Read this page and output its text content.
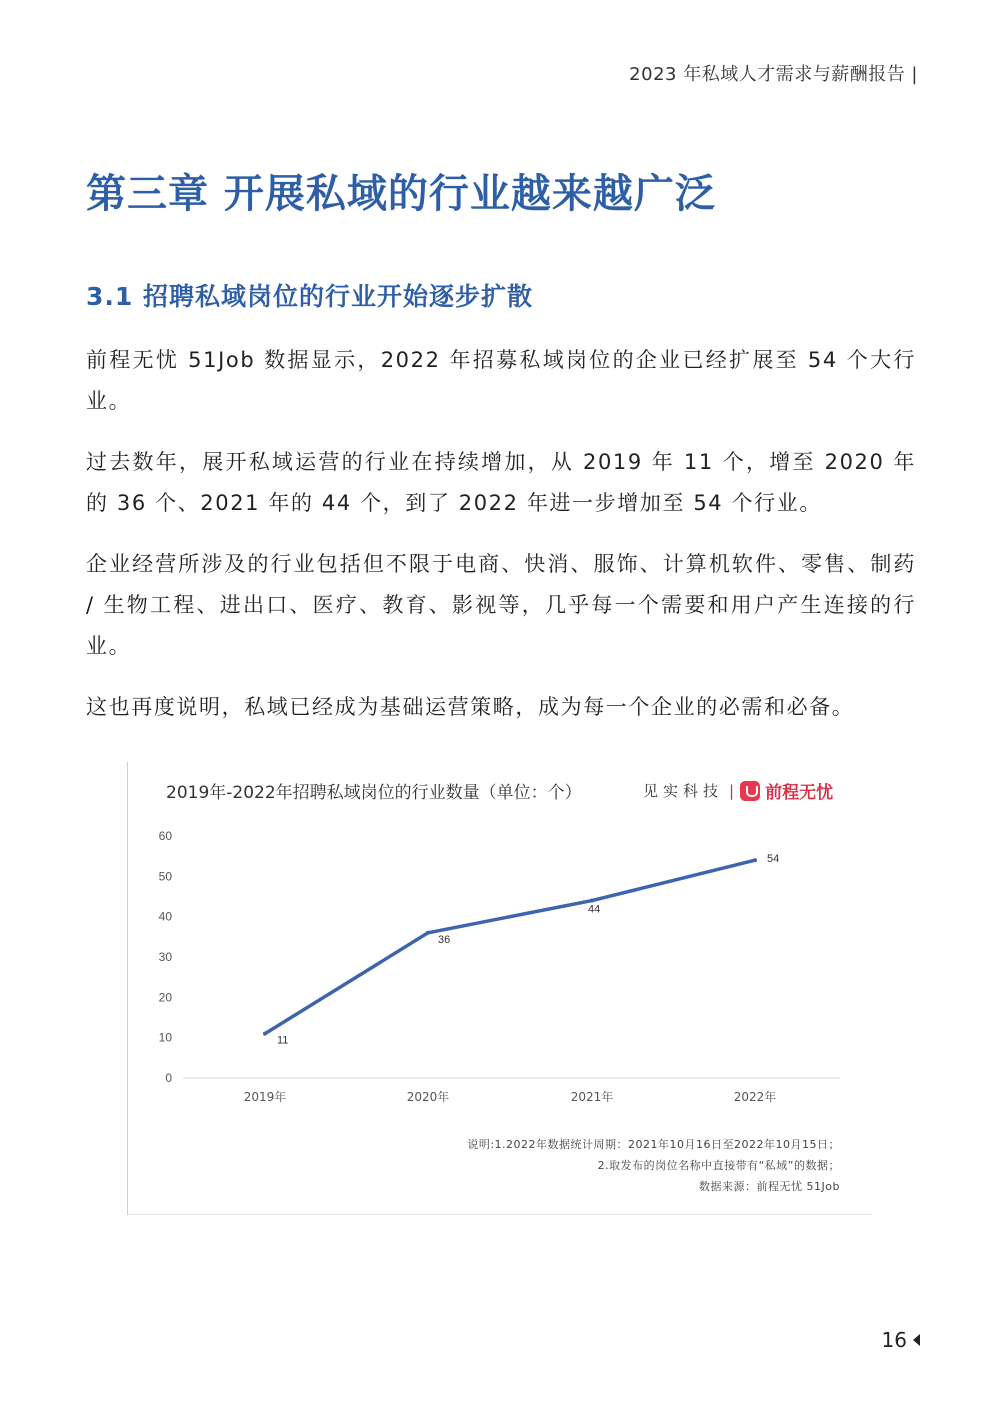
2023 年私域人才需求与薪酬报告 |
第三章 开展私域的行业越来越广泛
3.1 招聘私域岗位的行业开始逐步扩散

前程无忧 51Job 数据显示，2022 年招募私域岗位的企业已经扩展至 54 个大行业。

过去数年，展开私域运营的行业在持续增加，从 2019 年 11 个，增至 2020 年的 36 个、2021 年的 44 个，到了 2022 年进一步增加至 54 个行业。

企业经营所涉及的行业包括但不限于电商、快消、服饰、计算机软件、零售、制药 / 生物工程、进出口、医疗、教育、影视等，几乎每一个需要和用户产生连接的行业。

这也再度说明，私域已经成为基础运营策略，成为每一个企业的必需和必备。

2019年-2022年招聘私域岗位的行业数量（单位：个）	见实科技 | 前程无忧
0
10
20
30
40
50
60
2019年	2020年	2021年	2022年
11
36
44
54
说明:1.2022年数据统计周期：2021年10月16日至2022年10月15日；
2.取发布的岗位名称中直接带有“私域”的数据；
数据来源：前程无忧 51Job
16
